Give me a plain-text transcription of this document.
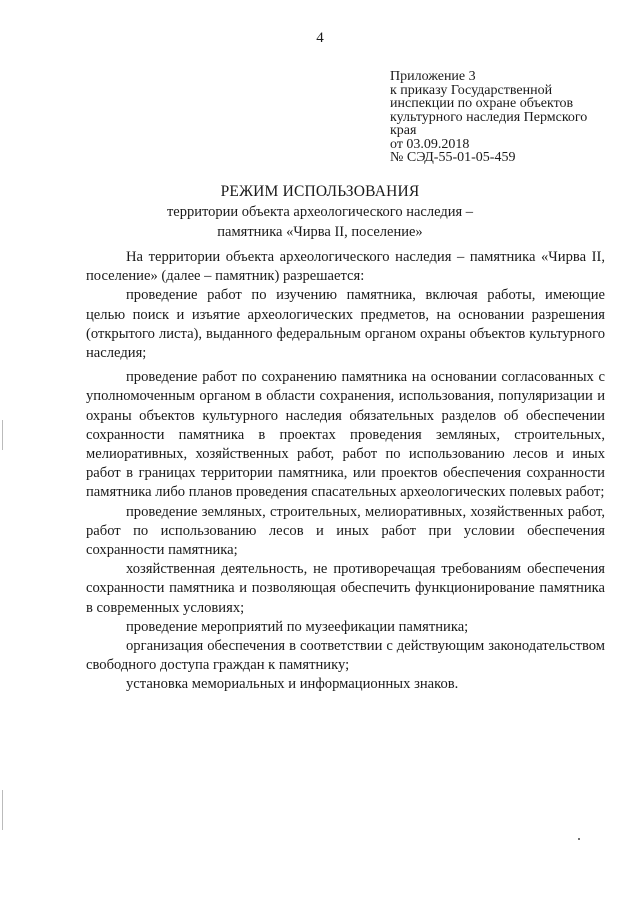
4
Приложение 3
к приказу Государственной
инспекции по охране объектов
культурного наследия Пермского
края
от 03.09.2018
№ СЭД-55-01-05-459
РЕЖИМ ИСПОЛЬЗОВАНИЯ
территории объекта археологического наследия –
памятника «Чирва II, поселение»

На территории объекта археологического наследия – памятника «Чирва II, поселение» (далее – памятник) разрешается:

проведение работ по изучению памятника, включая работы, имеющие целью поиск и изъятие археологических предметов, на основании разрешения (открытого листа), выданного федеральным органом охраны объектов культурного наследия;

проведение работ по сохранению памятника на основании согласованных с уполномоченным органом в области сохранения, использования, популяризации и охраны объектов культурного наследия обязательных разделов об обеспечении сохранности памятника в проектах проведения земляных, строительных, мелиоративных, хозяйственных работ, работ по использованию лесов и иных работ в границах территории памятника, или проектов обеспечения сохранности памятника либо планов проведения спасательных археологических полевых работ;

проведение земляных, строительных, мелиоративных, хозяйственных работ, работ по использованию лесов и иных работ при условии обеспечения сохранности памятника;

хозяйственная деятельность, не противоречащая требованиям обеспечения сохранности памятника и позволяющая обеспечить функционирование памятника в современных условиях;

проведение мероприятий по музеефикации памятника;

организация обеспечения в соответствии с действующим законодательством свободного доступа граждан к памятнику;

установка мемориальных и информационных знаков.
